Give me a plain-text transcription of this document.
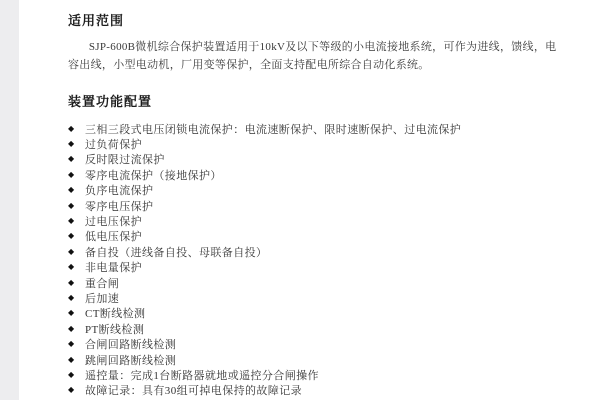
适用范围

SJP-600B微机综合保护装置适用于10kV及以下等级的小电流接地系统，可作为进线，馈线，电容出线，小型电动机，厂用变等保护，全面支持配电所综合自动化系统。

装置功能配置
◆ 三相三段式电压闭锁电流保护：电流速断保护、限时速断保护、过电流保护
◆ 过负荷保护
◆ 反时限过流保护
◆ 零序电流保护（接地保护）
◆ 负序电流保护
◆ 零序电压保护
◆ 过电压保护
◆ 低电压保护
◆ 备自投（进线备自投、母联备自投）
◆ 非电量保护
◆ 重合闸
◆ 后加速
◆ CT断线检测
◆ PT断线检测
◆ 合闸回路断线检测
◆ 跳闸回路断线检测
◆ 遥控量：完成1台断路器就地或遥控分合闸操作
◆ 故障记录：具有30组可掉电保持的故障记录
